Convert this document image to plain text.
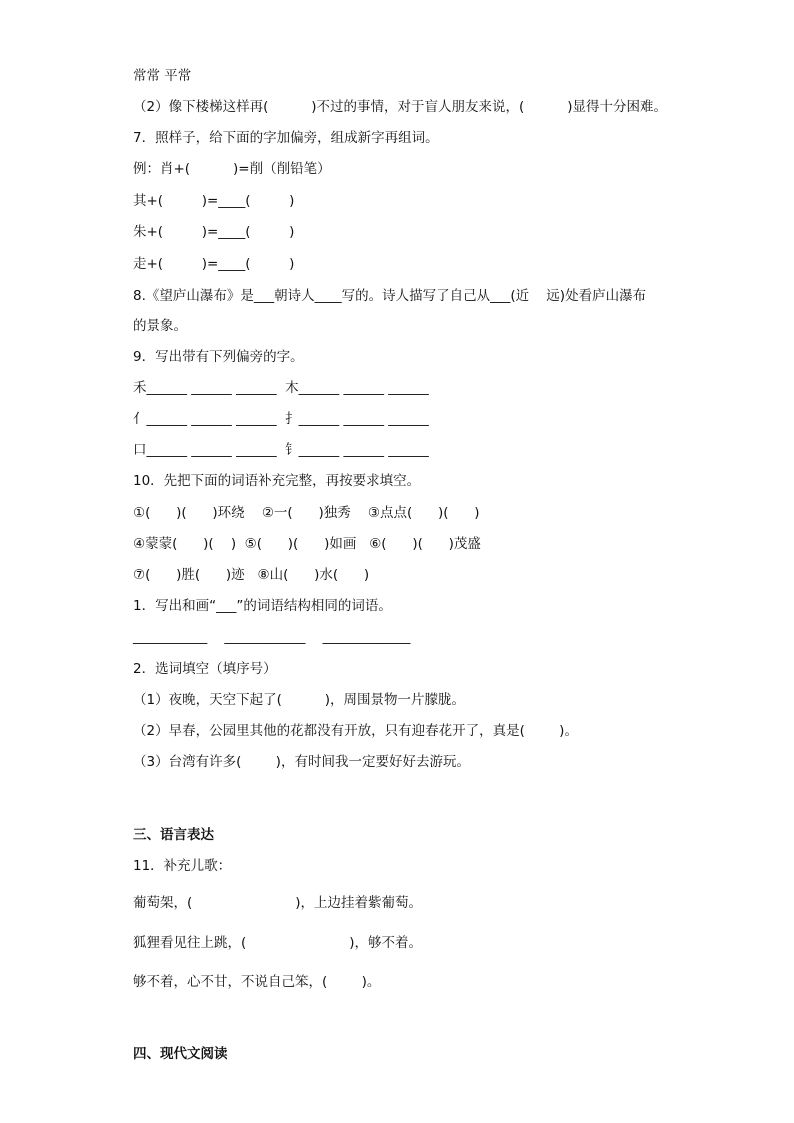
常常 平常
（2）像下楼梯这样再(          )不过的事情，对于盲人朋友来说，(          )显得十分困难。
7．照样子，给下面的字加偏旁，组成新字再组词。
例：肖+(          )=削（削铅笔）
其+(         )=____(         )
朱+(         )=____(         )
走+(         )=____(         )
8.《望庐山瀑布》是___朝诗人____写的。诗人描写了自己从___(近    远)处看庐山瀑布
的景象。
9．写出带有下列偏旁的字。
禾______ ______ ______  木______ ______ ______
亻______ ______ ______  扌______ ______ ______
口______ ______ ______  钅______ ______ ______
10．先把下面的词语补充完整，再按要求填空。
①(      )(      )环绕    ②一(      )独秀    ③点点(      )(      )
④蒙蒙(      )(    )  ⑤(      )(      )如画   ⑥(      )(      )茂盛
⑦(      )胜(      )迹   ⑧山(      )水(      )
1．写出和画“___”的词语结构相同的词语。
___________    ____________    _____________
2．选词填空（填序号）
（1）夜晚，天空下起了(          )，周围景物一片朦胧。
（2）早春，公园里其他的花都没有开放，只有迎春花开了，真是(        )。
（3）台湾有许多(        )，有时间我一定要好好去游玩。
三、语言表达
11．补充儿歌：
葡萄架，(                        )，上边挂着紫葡萄。
狐狸看见往上跳，(                        )，够不着。
够不着，心不甘，不说自己笨，(        )。
四、现代文阅读
